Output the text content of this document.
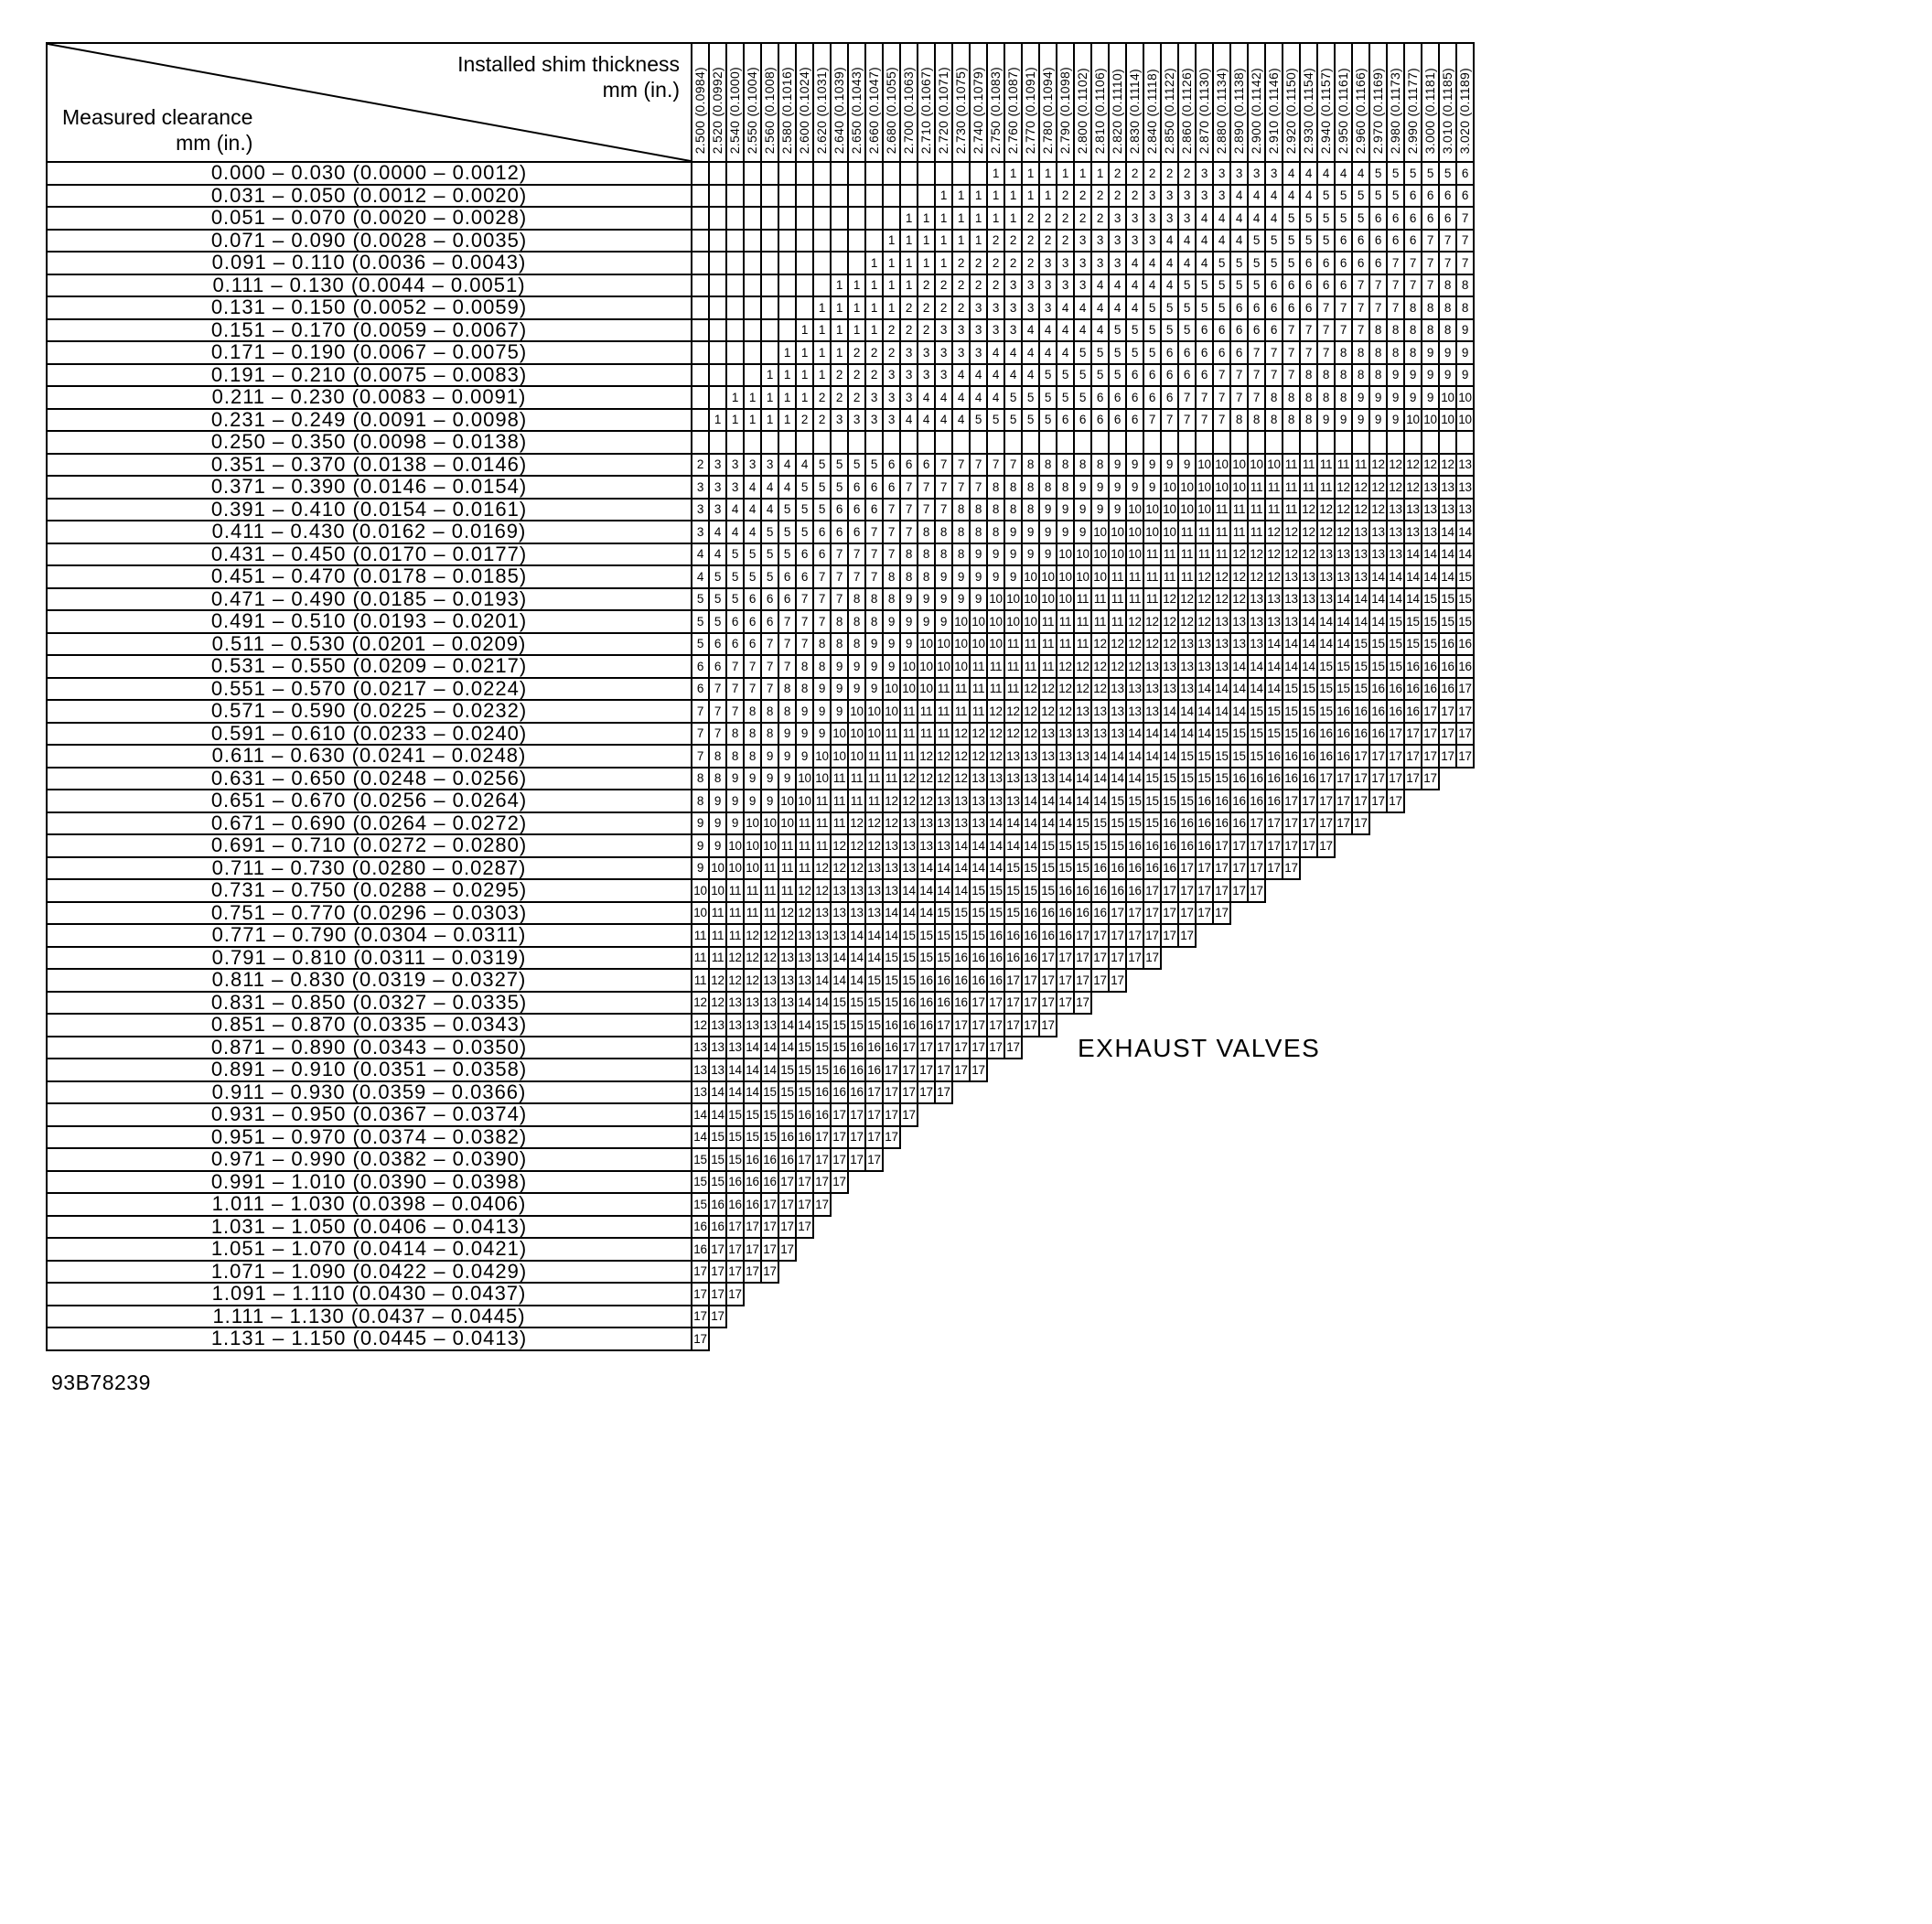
Installed shim thickness
mm (in.)
Measured clearance
mm (in.)	2.500 (0.0984)	2.520 (0.0992)	2.540 (0.1000)	2.550 (0.1004)	2.560 (0.1008)	2.580 (0.1016)	2.600 (0.1024)	2.620 (0.1031)	2.640 (0.1039)	2.650 (0.1043)	2.660 (0.1047)	2.680 (0.1055)	2.700 (0.1063)	2.710 (0.1067)	2.720 (0.1071)	2.730 (0.1075)	2.740 (0.1079)	2.750 (0.1083)	2.760 (0.1087)	2.770 (0.1091)	2.780 (0.1094)	2.790 (0.1098)	2.800 (0.1102)	2.810 (0.1106)	2.820 (0.1110)	2.830 (0.1114)	2.840 (0.1118)	2.850 (0.1122)	2.860 (0.1126)	2.870 (0.1130)	2.880 (0.1134)	2.890 (0.1138)	2.900 (0.1142)	2.910 (0.1146)	2.920 (0.1150)	2.930 (0.1154)	2.940 (0.1157)	2.950 (0.1161)	2.960 (0.1166)	2.970 (0.1169)	2.980 (0.1173)	2.990 (0.1177)	3.000 (0.1181)	3.010 (0.1185)	3.020 (0.1189)
0.000 – 0.030 (0.0000 – 0.0012)																		1	1	1	1	1	1	1	2	2	2	2	2	3	3	3	3	3	4	4	4	4	4	5	5	5	5	5	6
0.031 – 0.050 (0.0012 – 0.0020)															1	1	1	1	1	1	1	2	2	2	2	2	3	3	3	3	3	4	4	4	4	4	5	5	5	5	5	6	6	6	6
0.051 – 0.070 (0.0020 – 0.0028)													1	1	1	1	1	1	1	2	2	2	2	2	3	3	3	3	3	4	4	4	4	4	5	5	5	5	5	6	6	6	6	6	7
0.071 – 0.090 (0.0028 – 0.0035)												1	1	1	1	1	1	2	2	2	2	2	3	3	3	3	3	4	4	4	4	4	5	5	5	5	5	6	6	6	6	6	7	7	7
0.091 – 0.110 (0.0036 – 0.0043)											1	1	1	1	1	2	2	2	2	2	3	3	3	3	3	4	4	4	4	4	5	5	5	5	5	6	6	6	6	6	7	7	7	7	7
0.111 – 0.130 (0.0044 – 0.0051)									1	1	1	1	1	2	2	2	2	2	3	3	3	3	3	4	4	4	4	4	5	5	5	5	5	6	6	6	6	6	7	7	7	7	7	8	8
0.131 – 0.150 (0.0052 – 0.0059)								1	1	1	1	1	2	2	2	2	3	3	3	3	3	4	4	4	4	4	5	5	5	5	5	6	6	6	6	6	7	7	7	7	7	8	8	8	8
0.151 – 0.170 (0.0059 – 0.0067)							1	1	1	1	1	2	2	2	3	3	3	3	3	4	4	4	4	4	5	5	5	5	5	6	6	6	6	6	7	7	7	7	7	8	8	8	8	8	9
0.171 – 0.190 (0.0067 – 0.0075)						1	1	1	1	2	2	2	3	3	3	3	3	4	4	4	4	4	5	5	5	5	5	6	6	6	6	6	7	7	7	7	7	8	8	8	8	8	9	9	9
0.191 – 0.210 (0.0075 – 0.0083)					1	1	1	1	2	2	2	3	3	3	3	4	4	4	4	4	5	5	5	5	5	6	6	6	6	6	7	7	7	7	7	8	8	8	8	8	9	9	9	9	9
0.211 – 0.230 (0.0083 – 0.0091)			1	1	1	1	1	2	2	2	3	3	3	4	4	4	4	4	5	5	5	5	5	6	6	6	6	6	7	7	7	7	7	8	8	8	8	8	9	9	9	9	9	10	10
0.231 – 0.249 (0.0091 – 0.0098)		1	1	1	1	1	2	2	3	3	3	3	4	4	4	4	5	5	5	5	5	6	6	6	6	6	7	7	7	7	7	8	8	8	8	8	9	9	9	9	9	10	10	10	10
0.250 – 0.350 (0.0098 – 0.0138)																																													
0.351 – 0.370 (0.0138 – 0.0146)	2	3	3	3	3	4	4	5	5	5	5	6	6	6	7	7	7	7	7	8	8	8	8	8	9	9	9	9	9	10	10	10	10	10	11	11	11	11	11	12	12	12	12	12	13
0.371 – 0.390 (0.0146 – 0.0154)	3	3	3	4	4	4	5	5	5	6	6	6	7	7	7	7	7	8	8	8	8	8	9	9	9	9	9	10	10	10	10	10	11	11	11	11	11	12	12	12	12	12	13	13	13
0.391 – 0.410 (0.0154 – 0.0161)	3	3	4	4	4	5	5	5	6	6	6	7	7	7	7	8	8	8	8	8	9	9	9	9	9	10	10	10	10	10	11	11	11	11	11	12	12	12	12	12	13	13	13	13	13
0.411 – 0.430 (0.0162 – 0.0169)	3	4	4	4	5	5	5	6	6	6	7	7	7	8	8	8	8	8	9	9	9	9	9	10	10	10	10	10	11	11	11	11	11	12	12	12	12	12	13	13	13	13	13	14	14
0.431 – 0.450 (0.0170 – 0.0177)	4	4	5	5	5	5	6	6	7	7	7	7	8	8	8	8	9	9	9	9	9	10	10	10	10	10	11	11	11	11	11	12	12	12	12	12	13	13	13	13	13	14	14	14	14
0.451 – 0.470 (0.0178 – 0.0185)	4	5	5	5	5	6	6	7	7	7	7	8	8	8	9	9	9	9	9	10	10	10	10	10	11	11	11	11	11	12	12	12	12	12	13	13	13	13	13	14	14	14	14	14	15
0.471 – 0.490 (0.0185 – 0.0193)	5	5	5	6	6	6	7	7	7	8	8	8	9	9	9	9	9	10	10	10	10	10	11	11	11	11	11	12	12	12	12	12	13	13	13	13	13	14	14	14	14	14	15	15	15
0.491 – 0.510 (0.0193 – 0.0201)	5	5	6	6	6	7	7	7	8	8	8	9	9	9	9	10	10	10	10	10	11	11	11	11	11	12	12	12	12	12	13	13	13	13	13	14	14	14	14	14	15	15	15	15	15
0.511 – 0.530 (0.0201 – 0.0209)	5	6	6	6	7	7	7	8	8	8	9	9	9	10	10	10	10	10	11	11	11	11	11	12	12	12	12	12	13	13	13	13	13	14	14	14	14	14	15	15	15	15	15	16	16
0.531 – 0.550 (0.0209 – 0.0217)	6	6	7	7	7	7	8	8	9	9	9	9	10	10	10	10	11	11	11	11	11	12	12	12	12	12	13	13	13	13	13	14	14	14	14	14	15	15	15	15	15	16	16	16	16
0.551 – 0.570 (0.0217 – 0.0224)	6	7	7	7	7	8	8	9	9	9	9	10	10	10	11	11	11	11	11	12	12	12	12	12	13	13	13	13	13	14	14	14	14	14	15	15	15	15	15	16	16	16	16	16	17
0.571 – 0.590 (0.0225 – 0.0232)	7	7	7	8	8	8	9	9	9	10	10	10	11	11	11	11	11	12	12	12	12	12	13	13	13	13	13	14	14	14	14	14	15	15	15	15	15	16	16	16	16	16	17	17	17
0.591 – 0.610 (0.0233 – 0.0240)	7	7	8	8	8	9	9	9	10	10	10	11	11	11	11	12	12	12	12	12	13	13	13	13	13	14	14	14	14	14	15	15	15	15	15	16	16	16	16	16	17	17	17	17	17
0.611 – 0.630 (0.0241 – 0.0248)	7	8	8	8	9	9	9	10	10	10	11	11	11	12	12	12	12	12	13	13	13	13	13	14	14	14	14	14	15	15	15	15	15	16	16	16	16	16	17	17	17	17	17	17	17
0.631 – 0.650 (0.0248 – 0.0256)	8	8	9	9	9	9	10	10	11	11	11	11	12	12	12	12	13	13	13	13	13	14	14	14	14	14	15	15	15	15	15	16	16	16	16	16	17	17	17	17	17	17	17		
0.651 – 0.670 (0.0256 – 0.0264)	8	9	9	9	9	10	10	11	11	11	11	12	12	12	13	13	13	13	13	14	14	14	14	14	15	15	15	15	15	16	16	16	16	16	17	17	17	17	17	17	17				
0.671 – 0.690 (0.0264 – 0.0272)	9	9	9	10	10	10	11	11	11	12	12	12	13	13	13	13	13	14	14	14	14	14	15	15	15	15	15	16	16	16	16	16	17	17	17	17	17	17	17						
0.691 – 0.710 (0.0272 – 0.0280)	9	9	10	10	10	11	11	11	12	12	12	13	13	13	13	14	14	14	14	14	15	15	15	15	15	16	16	16	16	16	17	17	17	17	17	17	17								
0.711 – 0.730 (0.0280 – 0.0287)	9	10	10	10	11	11	11	12	12	12	13	13	13	14	14	14	14	14	15	15	15	15	15	16	16	16	16	16	17	17	17	17	17	17	17										
0.731 – 0.750 (0.0288 – 0.0295)	10	10	11	11	11	11	12	12	13	13	13	13	14	14	14	14	15	15	15	15	15	16	16	16	16	16	17	17	17	17	17	17	17												
0.751 – 0.770 (0.0296 – 0.0303)	10	11	11	11	11	12	12	13	13	13	13	14	14	14	15	15	15	15	15	16	16	16	16	16	17	17	17	17	17	17	17														
0.771 – 0.790 (0.0304 – 0.0311)	11	11	11	12	12	12	13	13	13	14	14	14	15	15	15	15	15	16	16	16	16	16	17	17	17	17	17	17	17																
0.791 – 0.810 (0.0311 – 0.0319)	11	11	12	12	12	13	13	13	14	14	14	15	15	15	15	16	16	16	16	16	17	17	17	17	17	17	17																		
0.811 – 0.830 (0.0319 – 0.0327)	11	12	12	12	13	13	13	14	14	14	15	15	15	16	16	16	16	16	17	17	17	17	17	17	17																				
0.831 – 0.850 (0.0327 – 0.0335)	12	12	13	13	13	13	14	14	15	15	15	15	16	16	16	16	17	17	17	17	17	17	17																						
0.851 – 0.870 (0.0335 – 0.0343)	12	13	13	13	13	14	14	15	15	15	15	16	16	16	17	17	17	17	17	17	17																								
0.871 – 0.890 (0.0343 – 0.0350)	13	13	13	14	14	14	15	15	15	16	16	16	17	17	17	17	17	17	17																										
0.891 – 0.910 (0.0351 – 0.0358)	13	13	14	14	14	15	15	15	16	16	16	17	17	17	17	17	17																												
0.911 – 0.930 (0.0359 – 0.0366)	13	14	14	14	15	15	15	16	16	16	17	17	17	17	17																														
0.931 – 0.950 (0.0367 – 0.0374)	14	14	15	15	15	15	16	16	17	17	17	17	17																																
0.951 – 0.970 (0.0374 – 0.0382)	14	15	15	15	15	16	16	17	17	17	17	17																																	
0.971 – 0.990 (0.0382 – 0.0390)	15	15	15	16	16	16	17	17	17	17	17																																		
0.991 – 1.010 (0.0390 – 0.0398)	15	15	16	16	16	17	17	17	17																																				
1.011 – 1.030 (0.0398 – 0.0406)	15	16	16	16	17	17	17	17																																					
1.031 – 1.050 (0.0406 – 0.0413)	16	16	17	17	17	17	17																																						
1.051 – 1.070 (0.0414 – 0.0421)	16	17	17	17	17	17																																							
1.071 – 1.090 (0.0422 – 0.0429)	17	17	17	17	17																																								
1.091 – 1.110 (0.0430 – 0.0437)	17	17	17																																										
1.111 – 1.130 (0.0437 – 0.0445)	17	17																																											
1.131 – 1.150 (0.0445 – 0.0413)	17																																												
EXHAUST VALVES
93B78239
